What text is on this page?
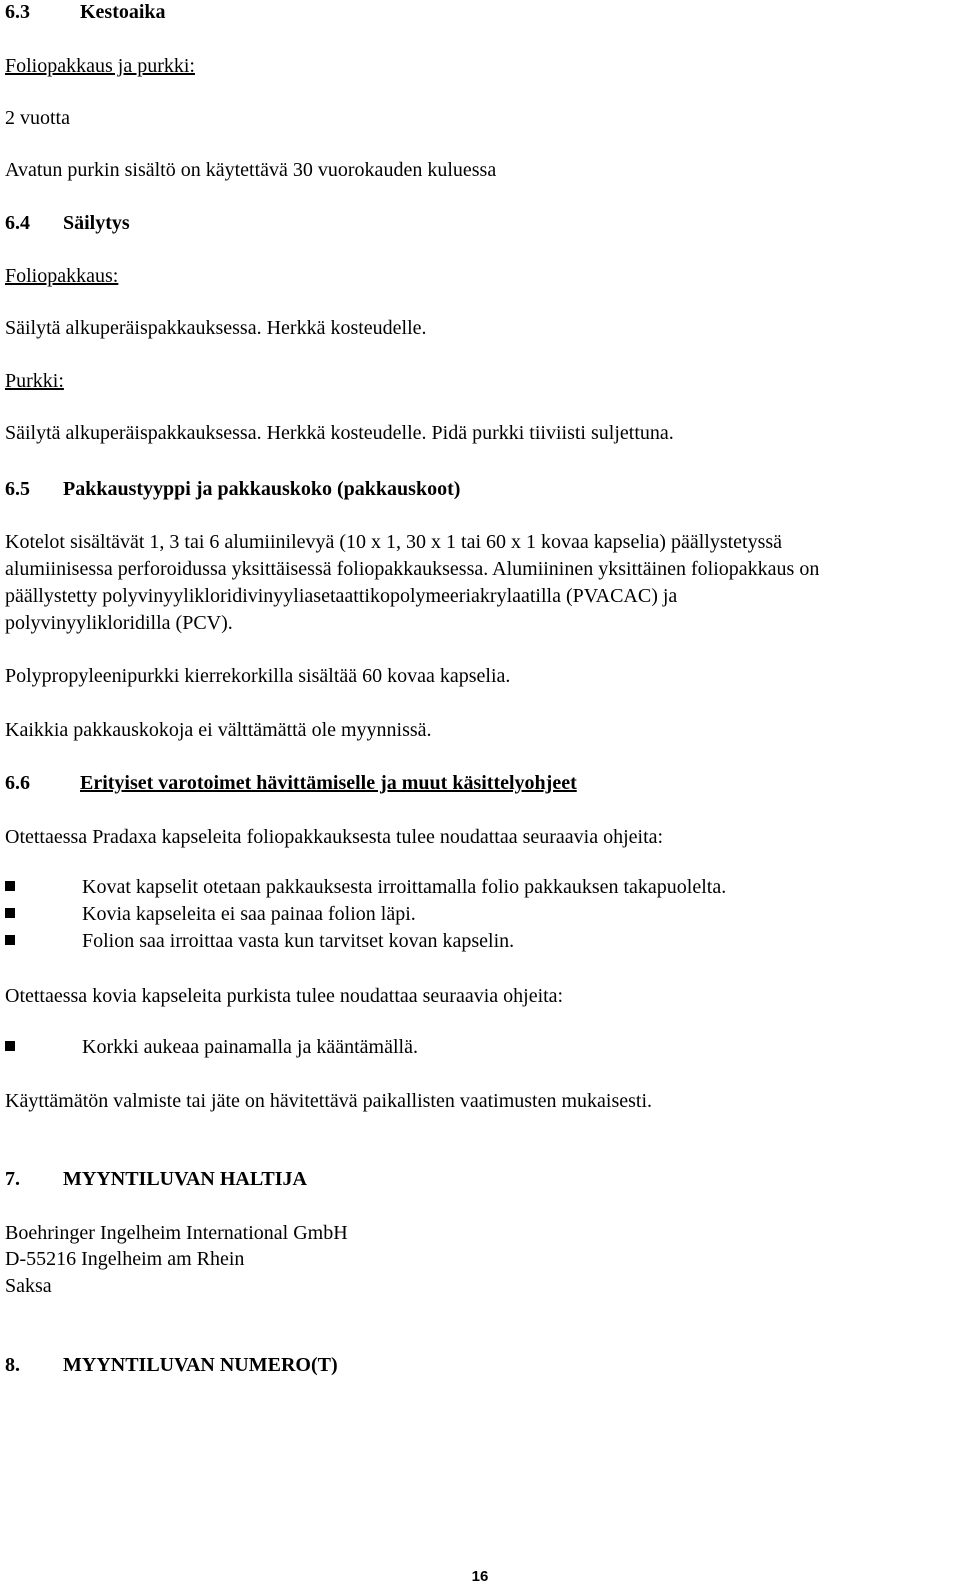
6.3	Kestoaika
Foliopakkaus ja purkki:
2 vuotta
Avatun purkin sisältö on käytettävä 30 vuorokauden kuluessa
6.4 Säilytys
Foliopakkaus:
Säilytä alkuperäispakkauksessa. Herkkä kosteudelle.
Purkki:
Säilytä alkuperäispakkauksessa. Herkkä kosteudelle. Pidä purkki tiiviisti suljettuna.
6.5 Pakkaustyyppi ja pakkauskoko (pakkauskoot)
Kotelot sisältävät 1, 3 tai 6 alumiinilevyä (10 x 1, 30 x 1 tai 60 x 1 kovaa kapselia) päällystetyssä
alumiinisessa perforoidussa yksittäisessä foliopakkauksessa. Alumiininen yksittäinen foliopakkaus on
päällystetty polyvinyylikloridivinyyliasetaattikopolymeeriakrylaatilla (PVACAC) ja
polyvinyylikloridilla (PCV).
Polypropyleenipurkki kierrekorkilla sisältää 60 kovaa kapselia.
Kaikkia pakkauskokoja ei välttämättä ole myynnissä.
6.6	Erityiset varotoimet hävittämiselle ja muut käsittelyohjeet
Otettaessa Pradaxa kapseleita foliopakkauksesta tulee noudattaa seuraavia ohjeita:
Kovat kapselit otetaan pakkauksesta irroittamalla folio pakkauksen takapuolelta.
Kovia kapseleita ei saa painaa folion läpi.
Folion saa irroittaa vasta kun tarvitset kovan kapselin.
Otettaessa kovia kapseleita purkista tulee noudattaa seuraavia ohjeita:
Korkki aukeaa painamalla ja kääntämällä.
Käyttämätön valmiste tai jäte on hävitettävä paikallisten vaatimusten mukaisesti.
7. MYYNTILUVAN HALTIJA
Boehringer Ingelheim International GmbH
D-55216 Ingelheim am Rhein
Saksa
8. MYYNTILUVAN NUMERO(T)
16
